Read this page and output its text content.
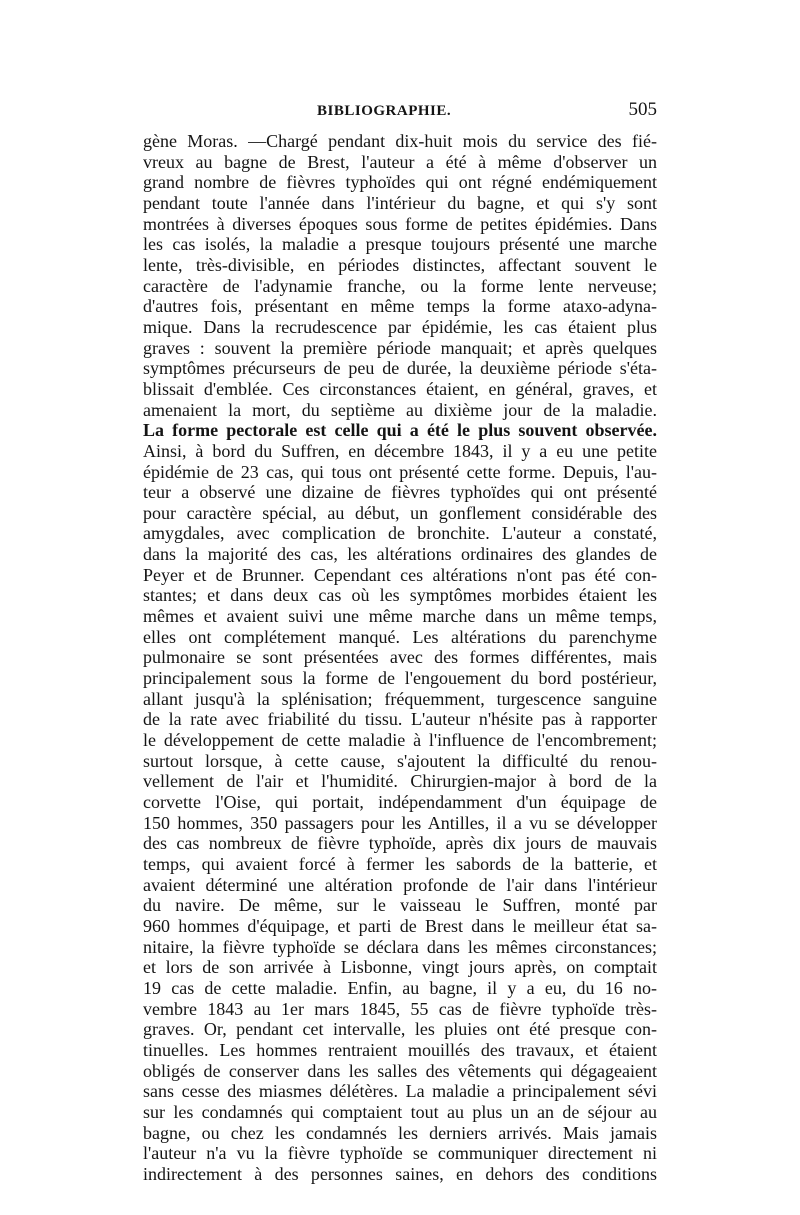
BIBLIOGRAPHIE.	505
gène Moras. —Chargé pendant dix-huit mois du service des fié-
vreux au bagne de Brest, l'auteur a été à même d'observer un
grand nombre de fièvres typhoïdes qui ont régné endémiquement
pendant toute l'année dans l'intérieur du bagne, et qui s'y sont
montrées à diverses époques sous forme de petites épidémies. Dans
les cas isolés, la maladie a presque toujours présenté une marche
lente, très-divisible, en périodes distinctes, affectant souvent le
caractère de l'adynamie franche, ou la forme lente nerveuse;
d'autres fois, présentant en même temps la forme ataxo-adyna-
mique. Dans la recrudescence par épidémie, les cas étaient plus
graves : souvent la première période manquait; et après quelques
symptômes précurseurs de peu de durée, la deuxième période s'éta-
blissait d'emblée. Ces circonstances étaient, en général, graves, et
amenaient la mort, du septième au dixième jour de la maladie.
La forme pectorale est celle qui a été le plus souvent observée.
Ainsi, à bord du Suffren, en décembre 1843, il y a eu une petite
épidémie de 23 cas, qui tous ont présenté cette forme. Depuis, l'au-
teur a observé une dizaine de fièvres typhoïdes qui ont présenté
pour caractère spécial, au début, un gonflement considérable des
amygdales, avec complication de bronchite. L'auteur a constaté,
dans la majorité des cas, les altérations ordinaires des glandes de
Peyer et de Brunner. Cependant ces altérations n'ont pas été con-
stantes; et dans deux cas où les symptômes morbides étaient les
mêmes et avaient suivi une même marche dans un même temps,
elles ont complétement manqué. Les altérations du parenchyme
pulmonaire se sont présentées avec des formes différentes, mais
principalement sous la forme de l'engouement du bord postérieur,
allant jusqu'à la splénisation; fréquemment, turgescence sanguine
de la rate avec friabilité du tissu. L'auteur n'hésite pas à rapporter
le développement de cette maladie à l'influence de l'encombrement;
surtout lorsque, à cette cause, s'ajoutent la difficulté du renou-
vellement de l'air et l'humidité. Chirurgien-major à bord de la
corvette l'Oise, qui portait, indépendamment d'un équipage de
150 hommes, 350 passagers pour les Antilles, il a vu se développer
des cas nombreux de fièvre typhoïde, après dix jours de mauvais
temps, qui avaient forcé à fermer les sabords de la batterie, et
avaient déterminé une altération profonde de l'air dans l'intérieur
du navire. De même, sur le vaisseau le Suffren, monté par
960 hommes d'équipage, et parti de Brest dans le meilleur état sa-
nitaire, la fièvre typhoïde se déclara dans les mêmes circonstances;
et lors de son arrivée à Lisbonne, vingt jours après, on comptait
19 cas de cette maladie. Enfin, au bagne, il y a eu, du 16 no-
vembre 1843 au 1er mars 1845, 55 cas de fièvre typhoïde très-
graves. Or, pendant cet intervalle, les pluies ont été presque con-
tinuelles. Les hommes rentraient mouillés des travaux, et étaient
obligés de conserver dans les salles des vêtements qui dégageaient
sans cesse des miasmes délétères. La maladie a principalement sévi
sur les condamnés qui comptaient tout au plus un an de séjour au
bagne, ou chez les condamnés les derniers arrivés. Mais jamais
l'auteur n'a vu la fièvre typhoïde se communiquer directement ni
indirectement à des personnes saines, en dehors des conditions
